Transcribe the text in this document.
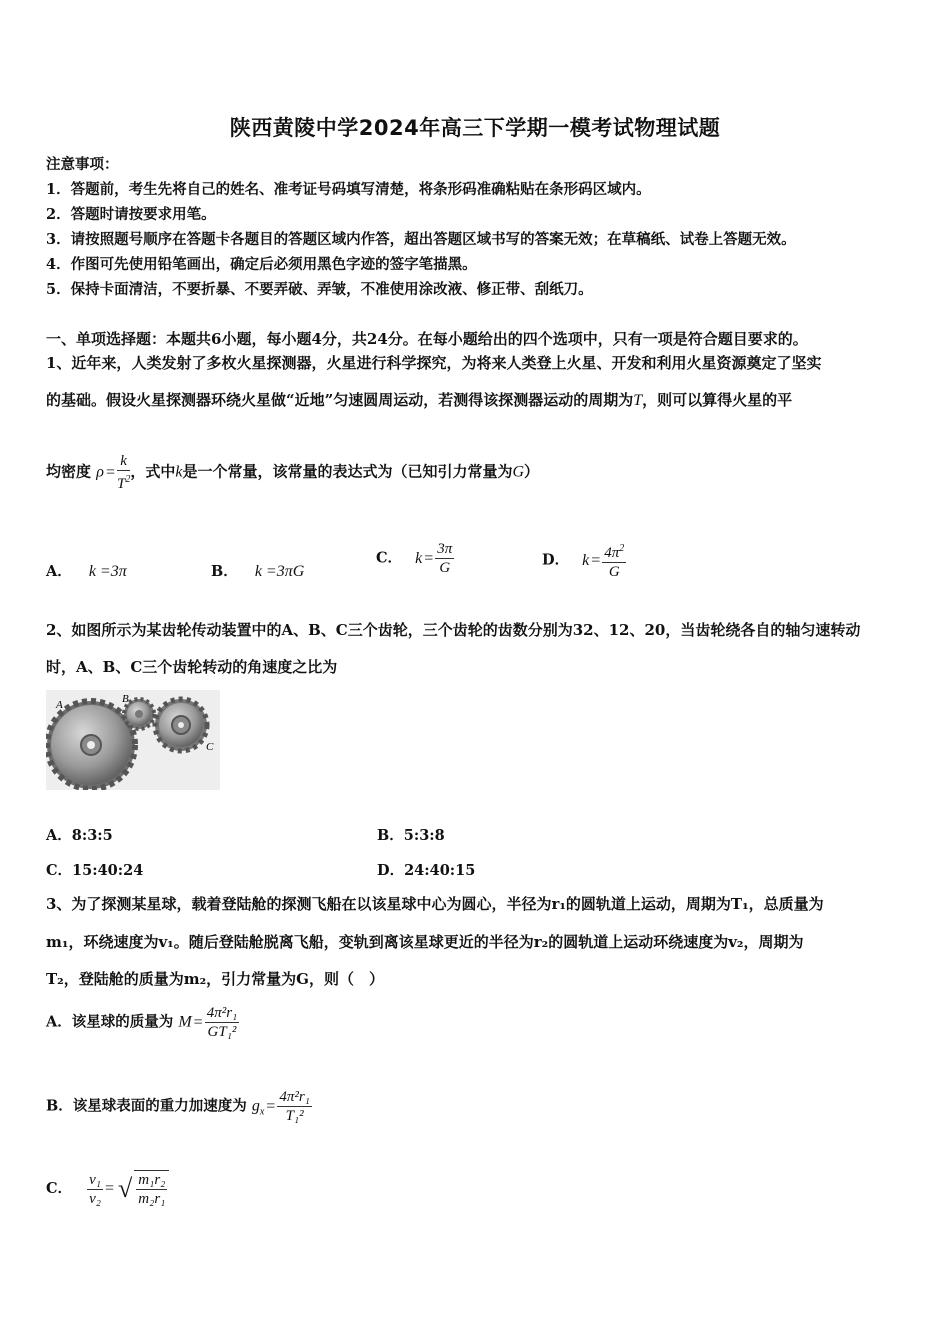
陕西黄陵中学2024年高三下学期一模考试物理试题
注意事项：
1．答题前，考生先将自己的姓名、准考证号码填写清楚，将条形码准确粘贴在条形码区域内。
2．答题时请按要求用笔。
3．请按照题号顺序在答题卡各题目的答题区域内作答，超出答题区域书写的答案无效；在草稿纸、试卷上答题无效。
4．作图可先使用铅笔画出，确定后必须用黑色字迹的签字笔描黑。
5．保持卡面清洁，不要折暴、不要弄破、弄皱，不准使用涂改液、修正带、刮纸刀。
一、单项选择题：本题共6小题，每小题4分，共24分。在每小题给出的四个选项中，只有一项是符合题目要求的。
1、近年来，人类发射了多枚火星探测器，火星进行科学探究，为将来人类登上火星、开发和利用火星资源奠定了坚实
的基础。假设火星探测器环绕火星做“近地”匀速圆周运动，若测得该探测器运动的周期为T，则可以算得火星的平
均密度 $\rho = \frac{k}{T^2}$ ，式中k是一个常量，该常量的表达式为（已知引力常量为G）
A． k =3π	B． k =3πG
C． $k = \frac{3\pi}{G}$	D． $k = \frac{4\pi^2}{G}$
2、如图所示为某齿轮传动装置中的A、B、C三个齿轮，三个齿轮的齿数分别为32、12、20，当齿轮绕各自的轴匀速转动
时，A、B、C三个齿轮转动的角速度之比为
A	B
C
A．8:3:5	B．5:3:8
C．15:40:24	D．24:40:15
3、为了探测某星球，载着登陆舱的探测飞船在以该星球中心为圆心，半径为r₁的圆轨道上运动，周期为T₁，总质量为
m₁，环绕速度为v₁。随后登陆舱脱离飞船，变轨到离该星球更近的半径为r₂的圆轨道上运动环绕速度为v₂，周期为
T₂，登陆舱的质量为m₂，引力常量为G，则（　）
A．该星球的质量为 $M = \frac{\text{4π²r₁}}{\text{GT₁²}}$
B．该星球表面的重力加速度为 $g_x = \frac{\text{4π²r₁}}{\text{T₁²}}$
C． $\frac{\text{v₁}}{\text{v₂}}$ = √ $\frac{\text{m₁r₂}}{\text{m₂r₁}}$
